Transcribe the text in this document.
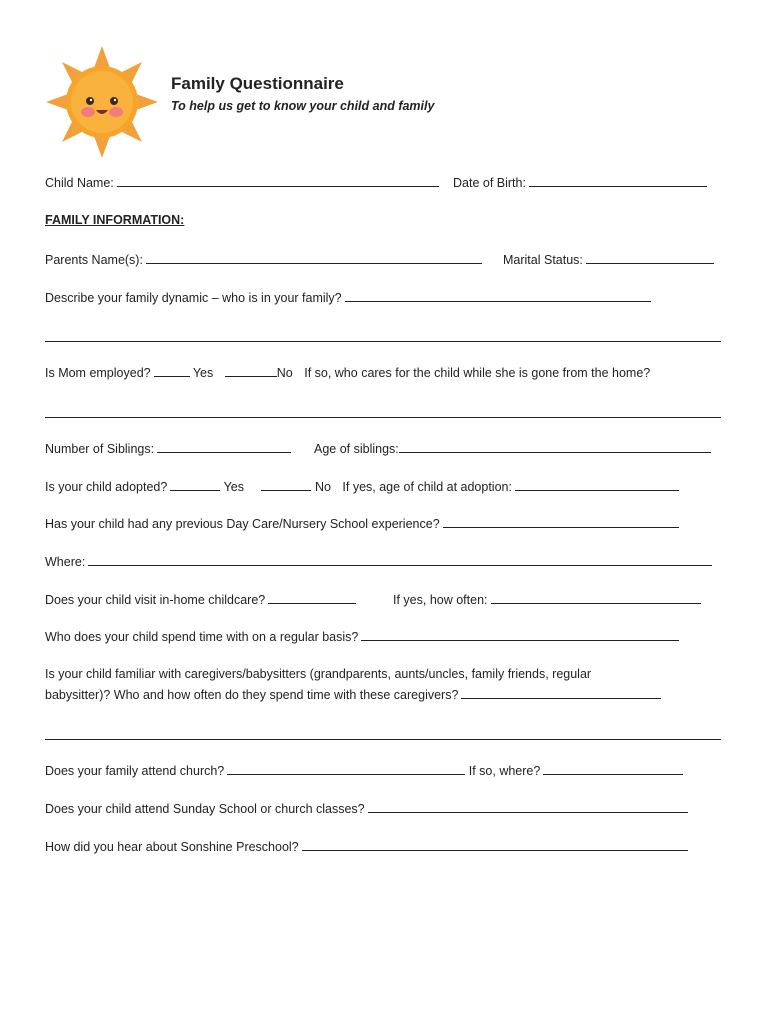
Family Questionnaire
To help us get to know your child and family
Child Name:	Date of Birth:
FAMILY INFORMATION:
Parents Name(s):	Marital Status:
Describe your family dynamic – who is in your family?
Is Mom employed?	Yes	No If so, who cares for the child while she is gone from the home?
Number of Siblings:	Age of siblings:
Is your child adopted?	Yes	No If yes, age of child at adoption:
Has your child had any previous Day Care/Nursery School experience?
Where:
Does your child visit in-home childcare?	If yes, how often:
Who does your child spend time with on a regular basis?
Is your child familiar with caregivers/babysitters (grandparents, aunts/uncles, family friends, regular
babysitter)? Who and how often do they spend time with these caregivers?
Does your family attend church?	If so, where?
Does your child attend Sunday School or church classes?
How did you hear about Sonshine Preschool?
